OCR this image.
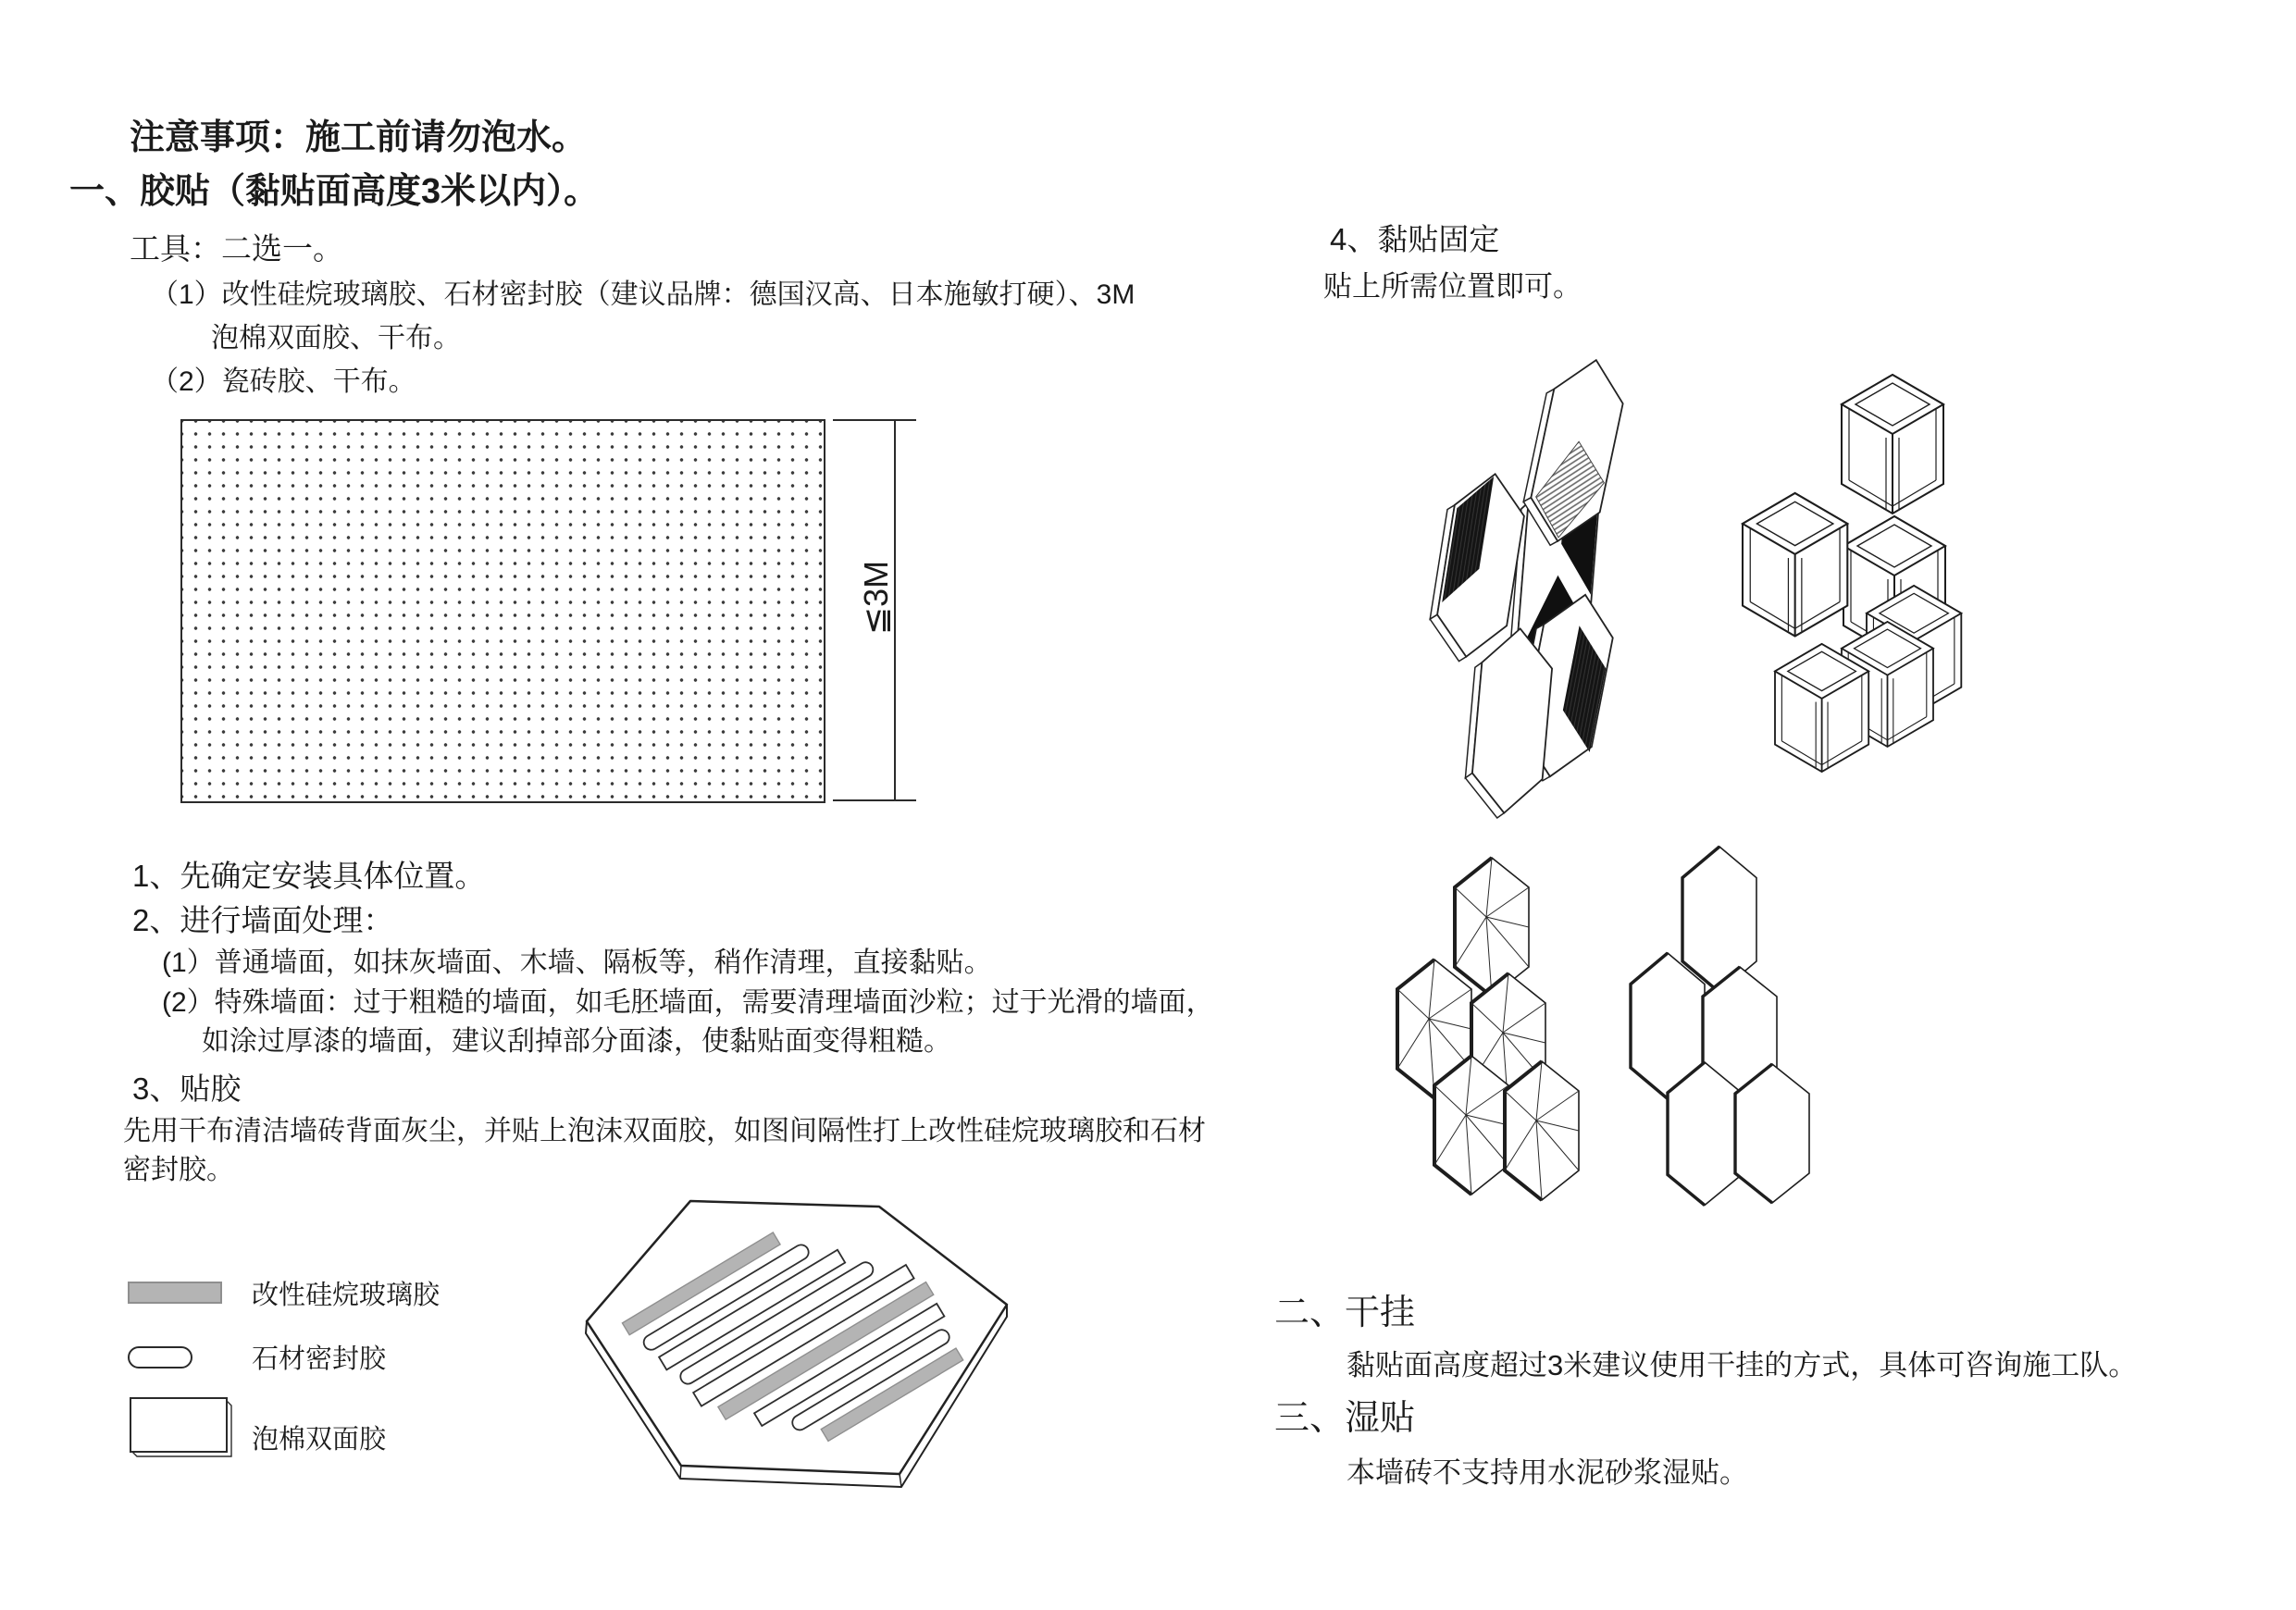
注意事项：施工前请勿泡水。
一、胶贴（黏贴面高度3米以内）。
工具：二选一。
（1）改性硅烷玻璃胶、石材密封胶（建议品牌：德国汉高、日本施敏打硬）、3M
泡棉双面胶、干布。
（2）瓷砖胶、干布。
≦3M
1、先确定安装具体位置。
2、进行墙面处理：
(1）普通墙面，如抹灰墙面、木墙、隔板等，稍作清理，直接黏贴。
(2）特殊墙面：过于粗糙的墙面，如毛胚墙面，需要清理墙面沙粒；过于光滑的墙面，
如涂过厚漆的墙面，建议刮掉部分面漆，使黏贴面变得粗糙。
3、贴胶
先用干布清洁墙砖背面灰尘，并贴上泡沫双面胶，如图间隔性打上改性硅烷玻璃胶和石材
密封胶。
改性硅烷玻璃胶
石材密封胶
泡棉双面胶
4、黏贴固定
贴上所需位置即可。
二、干挂
黏贴面高度超过3米建议使用干挂的方式，具体可咨询施工队。
三、湿贴
本墙砖不支持用水泥砂浆湿贴。
